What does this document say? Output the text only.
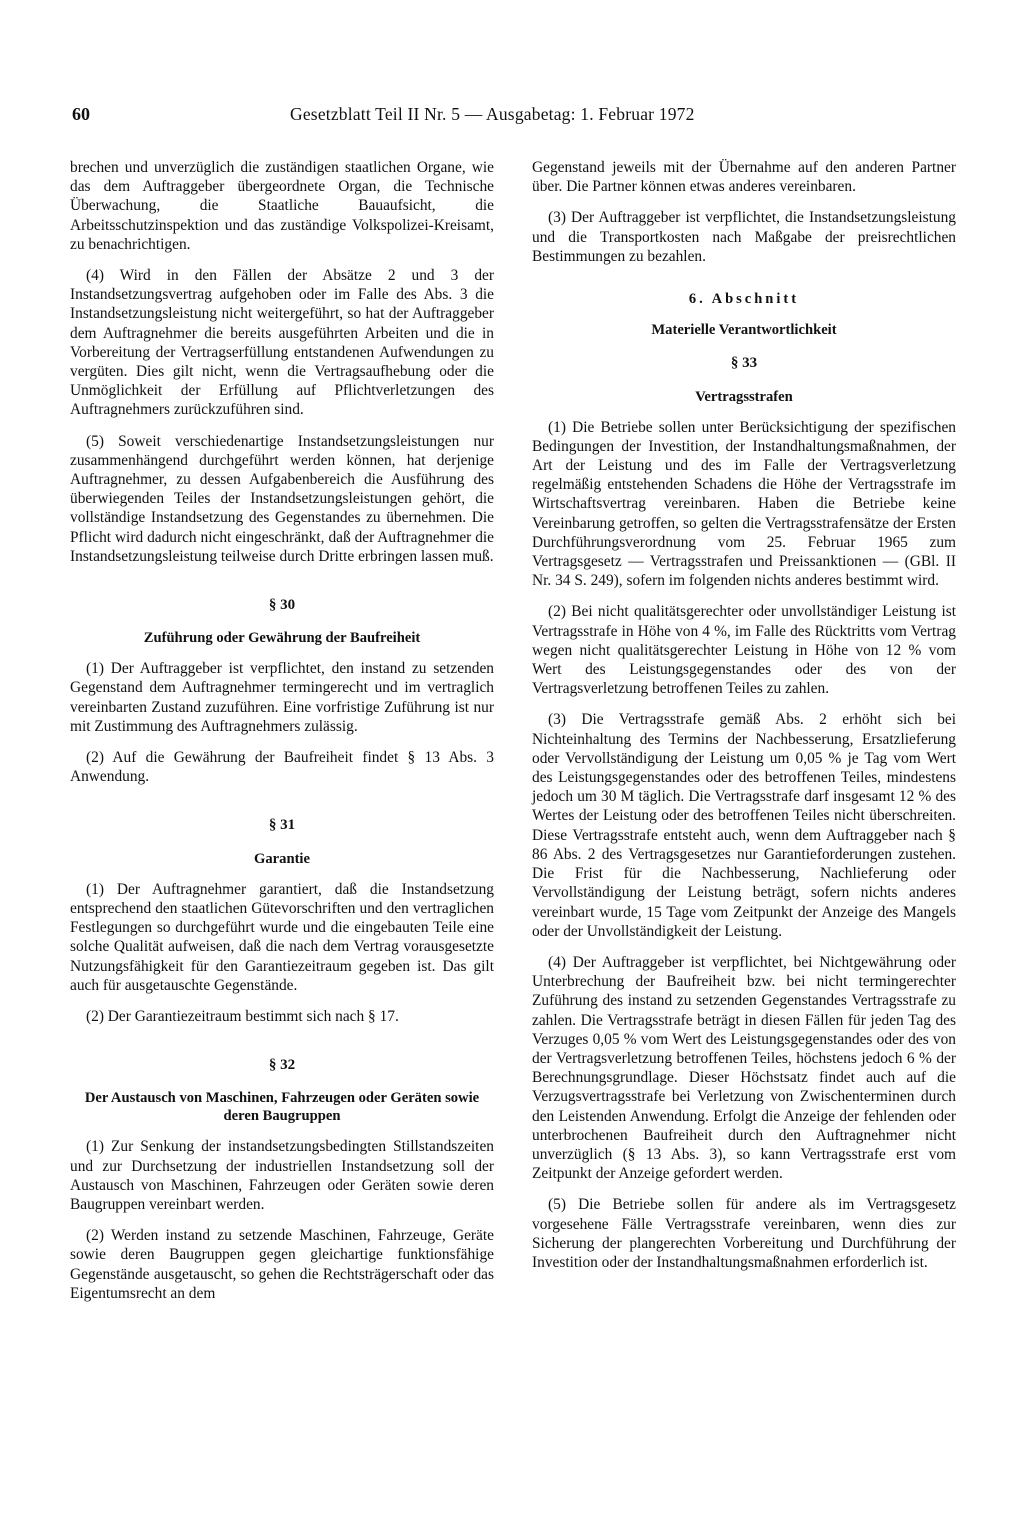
60	Gesetzblatt Teil II Nr. 5 — Ausgabetag: 1. Februar 1972

brechen und unverzüglich die zuständigen staatlichen Organe, wie das dem Auftraggeber übergeordnete Organ, die Technische Überwachung, die Staatliche Bauaufsicht, die Arbeitsschutzinspektion und das zuständige Volkspolizei-Kreisamt, zu benachrichtigen.

(4) Wird in den Fällen der Absätze 2 und 3 der Instandsetzungsvertrag aufgehoben oder im Falle des Abs. 3 die Instandsetzungsleistung nicht weitergeführt, so hat der Auftraggeber dem Auftragnehmer die bereits ausgeführten Arbeiten und die in Vorbereitung der Vertragserfüllung entstandenen Aufwendungen zu vergüten. Dies gilt nicht, wenn die Vertragsaufhebung oder die Unmöglichkeit der Erfüllung auf Pflichtverletzungen des Auftragnehmers zurückzuführen sind.

(5) Soweit verschiedenartige Instandsetzungsleistungen nur zusammenhängend durchgeführt werden können, hat derjenige Auftragnehmer, zu dessen Aufgabenbereich die Ausführung des überwiegenden Teiles der Instandsetzungsleistungen gehört, die vollständige Instandsetzung des Gegenstandes zu übernehmen. Die Pflicht wird dadurch nicht eingeschränkt, daß der Auftragnehmer die Instandsetzungsleistung teilweise durch Dritte erbringen lassen muß.

§ 30
Zuführung oder Gewährung der Baufreiheit

(1) Der Auftraggeber ist verpflichtet, den instand zu setzenden Gegenstand dem Auftragnehmer termingerecht und im vertraglich vereinbarten Zustand zuzuführen. Eine vorfristige Zuführung ist nur mit Zustimmung des Auftragnehmers zulässig.

(2) Auf die Gewährung der Baufreiheit findet § 13 Abs. 3 Anwendung.

§ 31
Garantie

(1) Der Auftragnehmer garantiert, daß die Instandsetzung entsprechend den staatlichen Gütevorschriften und den vertraglichen Festlegungen so durchgeführt wurde und die eingebauten Teile eine solche Qualität aufweisen, daß die nach dem Vertrag vorausgesetzte Nutzungsfähigkeit für den Garantiezeitraum gegeben ist. Das gilt auch für ausgetauschte Gegenstände.

(2) Der Garantiezeitraum bestimmt sich nach § 17.

§ 32
Der Austausch von Maschinen, Fahrzeugen oder Geräten sowie deren Baugruppen

(1) Zur Senkung der instandsetzungsbedingten Stillstandszeiten und zur Durchsetzung der industriellen Instandsetzung soll der Austausch von Maschinen, Fahrzeugen oder Geräten sowie deren Baugruppen vereinbart werden.

(2) Werden instand zu setzende Maschinen, Fahrzeuge, Geräte sowie deren Baugruppen gegen gleichartige funktionsfähige Gegenstände ausgetauscht, so gehen die Rechtsträgerschaft oder das Eigentumsrecht an dem

Gegenstand jeweils mit der Übernahme auf den anderen Partner über. Die Partner können etwas anderes vereinbaren.

(3) Der Auftraggeber ist verpflichtet, die Instandsetzungsleistung und die Transportkosten nach Maßgabe der preisrechtlichen Bestimmungen zu bezahlen.

6. Abschnitt
Materielle Verantwortlichkeit
§ 33
Vertragsstrafen

(1) Die Betriebe sollen unter Berücksichtigung der spezifischen Bedingungen der Investition, der Instandhaltungsmaßnahmen, der Art der Leistung und des im Falle der Vertragsverletzung regelmäßig entstehenden Schadens die Höhe der Vertragsstrafe im Wirtschaftsvertrag vereinbaren. Haben die Betriebe keine Vereinbarung getroffen, so gelten die Vertragsstrafensätze der Ersten Durchführungsverordnung vom 25. Februar 1965 zum Vertragsgesetz — Vertragsstrafen und Preissanktionen — (GBl. II Nr. 34 S. 249), sofern im folgenden nichts anderes bestimmt wird.

(2) Bei nicht qualitätsgerechter oder unvollständiger Leistung ist Vertragsstrafe in Höhe von 4 %, im Falle des Rücktritts vom Vertrag wegen nicht qualitätsgerechter Leistung in Höhe von 12 % vom Wert des Leistungsgegenstandes oder des von der Vertragsverletzung betroffenen Teiles zu zahlen.

(3) Die Vertragsstrafe gemäß Abs. 2 erhöht sich bei Nichteinhaltung des Termins der Nachbesserung, Ersatzlieferung oder Vervollständigung der Leistung um 0,05 % je Tag vom Wert des Leistungsgegenstandes oder des betroffenen Teiles, mindestens jedoch um 30 M täglich. Die Vertragsstrafe darf insgesamt 12 % des Wertes der Leistung oder des betroffenen Teiles nicht überschreiten. Diese Vertragsstrafe entsteht auch, wenn dem Auftraggeber nach § 86 Abs. 2 des Vertragsgesetzes nur Garantieforderungen zustehen. Die Frist für die Nachbesserung, Nachlieferung oder Vervollständigung der Leistung beträgt, sofern nichts anderes vereinbart wurde, 15 Tage vom Zeitpunkt der Anzeige des Mangels oder der Unvollständigkeit der Leistung.

(4) Der Auftraggeber ist verpflichtet, bei Nichtgewährung oder Unterbrechung der Baufreiheit bzw. bei nicht termingerechter Zuführung des instand zu setzenden Gegenstandes Vertragsstrafe zu zahlen. Die Vertragsstrafe beträgt in diesen Fällen für jeden Tag des Verzuges 0,05 % vom Wert des Leistungsgegenstandes oder des von der Vertragsverletzung betroffenen Teiles, höchstens jedoch 6 % der Berechnungsgrundlage. Dieser Höchstsatz findet auch auf die Verzugsvertragsstrafe bei Verletzung von Zwischenterminen durch den Leistenden Anwendung. Erfolgt die Anzeige der fehlenden oder unterbrochenen Baufreiheit durch den Auftragnehmer nicht unverzüglich (§ 13 Abs. 3), so kann Vertragsstrafe erst vom Zeitpunkt der Anzeige gefordert werden.

(5) Die Betriebe sollen für andere als im Vertragsgesetz vorgesehene Fälle Vertragsstrafe vereinbaren, wenn dies zur Sicherung der plangerechten Vorbereitung und Durchführung der Investition oder der Instandhaltungsmaßnahmen erforderlich ist.
